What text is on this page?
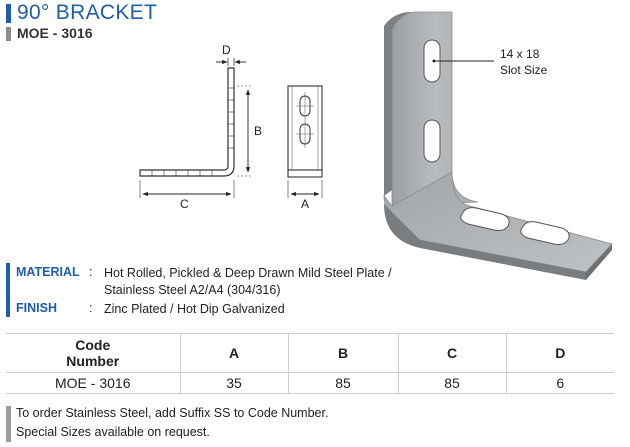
90° BRACKET
MOE - 3016
D
B
C	A
14 x 18
Slot Size
MATERIAL : Hot Rolled, Pickled & Deep Drawn Mild Steel Plate /
Stainless Steel A2/A4 (304/316)
FINISH	: Zinc Plated / Hot Dip Galvanized
Code
Number	A	B	C	D
MOE - 3016	35	85	85	6
To order Stainless Steel, add Suffix SS to Code Number.
Special Sizes available on request.
